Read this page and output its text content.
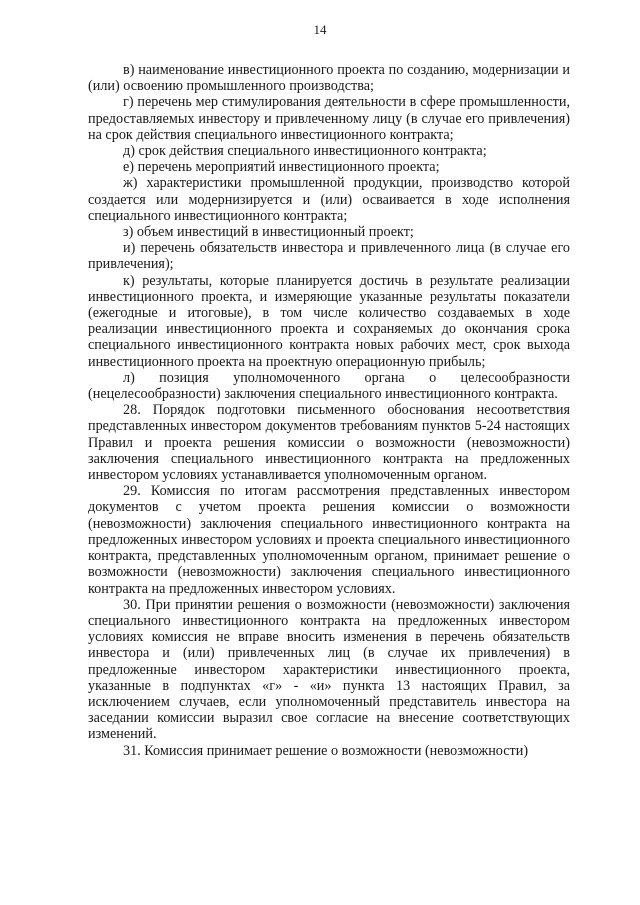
14

в) наименование инвестиционного проекта по созданию, модернизации и (или) освоению промышленного производства;

г) перечень мер стимулирования деятельности в сфере промышленности, предоставляемых инвестору и привлеченному лицу (в случае его привлечения) на срок действия специального инвестиционного контракта;

д) срок действия специального инвестиционного контракта;

е) перечень мероприятий инвестиционного проекта;

ж) характеристики промышленной продукции, производство которой создается или модернизируется и (или) осваивается в ходе исполнения специального инвестиционного контракта;

з) объем инвестиций в инвестиционный проект;

и) перечень обязательств инвестора и привлеченного лица (в случае его привлечения);

к) результаты, которые планируется достичь в результате реализации инвестиционного проекта, и измеряющие указанные результаты показатели (ежегодные и итоговые), в том числе количество создаваемых в ходе реализации инвестиционного проекта и сохраняемых до окончания срока специального инвестиционного контракта новых рабочих мест, срок выхода инвестиционного проекта на проектную операционную прибыль;

л) позиция уполномоченного органа о целесообразности (нецелесообразности) заключения специального инвестиционного контракта.

28. Порядок подготовки письменного обоснования несоответствия представленных инвестором документов требованиям пунктов 5-24 настоящих Правил и проекта решения комиссии о возможности (невозможности) заключения специального инвестиционного контракта на предложенных инвестором условиях устанавливается уполномоченным органом.

29. Комиссия по итогам рассмотрения представленных инвестором документов с учетом проекта решения комиссии о возможности (невозможности) заключения специального инвестиционного контракта на предложенных инвестором условиях и проекта специального инвестиционного контракта, представленных уполномоченным органом, принимает решение о возможности (невозможности) заключения специального инвестиционного контракта на предложенных инвестором условиях.

30. При принятии решения о возможности (невозможности) заключения специального инвестиционного контракта на предложенных инвестором условиях комиссия не вправе вносить изменения в перечень обязательств инвестора и (или) привлеченных лиц (в случае их привлечения) в предложенные инвестором характеристики инвестиционного проекта, указанные в подпунктах «г» - «и» пункта 13 настоящих Правил, за исключением случаев, если уполномоченный представитель инвестора на заседании комиссии выразил свое согласие на внесение соответствующих изменений.

31. Комиссия принимает решение о возможности (невозможности)
